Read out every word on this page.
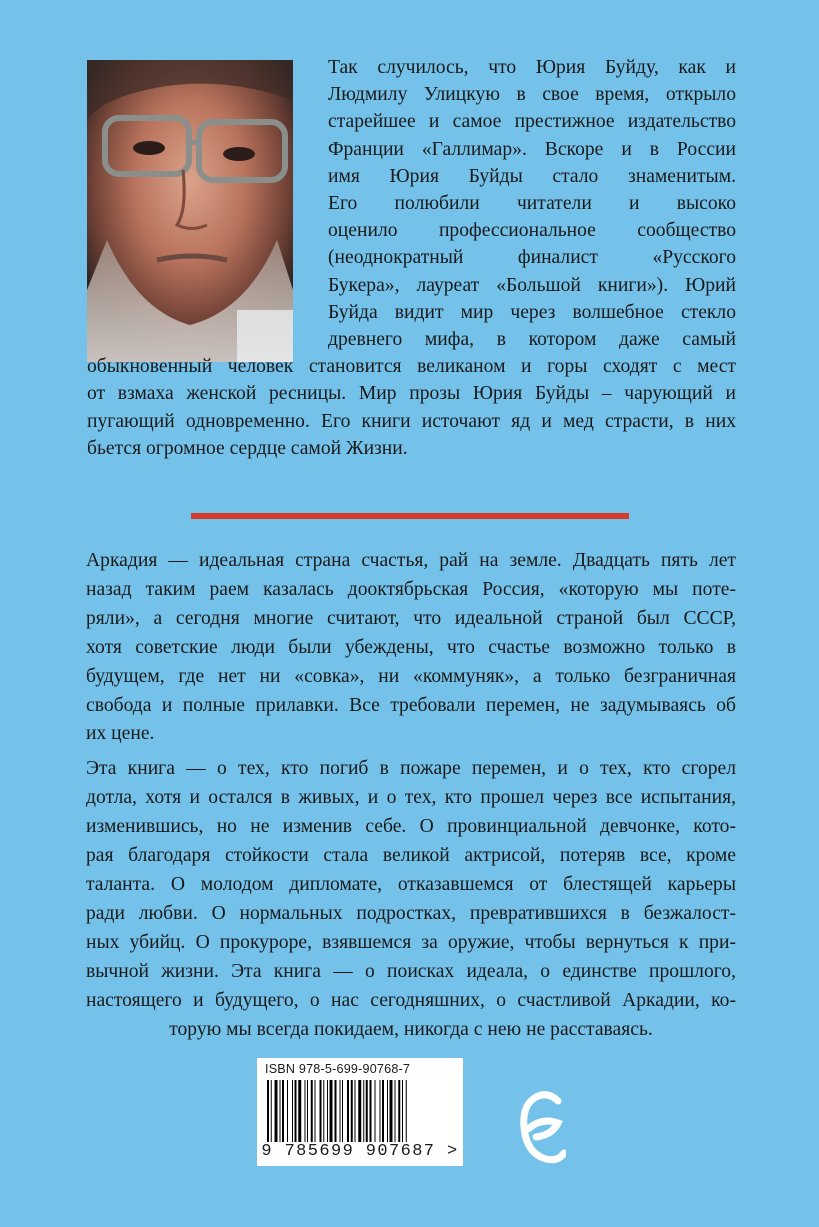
Так случилось, что Юрия Буйду, как и
Людмилу Улицкую в свое время, открыло
старейшее и самое престижное издательство
Франции «Галлимар». Вскоре и в России
имя Юрия Буйды стало знаменитым.
Его полюбили читатели и высоко
оценило профессиональное сообщество
(неоднократный финалист «Русского
Букера», лауреат «Большой книги»). Юрий
Буйда видит мир через волшебное стекло
древнего мифа, в котором даже самый
обыкновенный человек становится великаном и горы сходят с мест
от взмаха женской ресницы. Мир прозы Юрия Буйды – чарующий и
пугающий одновременно. Его книги источают яд и мед страсти, в них
бьется огромное сердце самой Жизни.
Аркадия — идеальная страна счастья, рай на земле. Двадцать пять лет
назад таким раем казалась доoктябрьская Россия, «которую мы поте-
ряли», а сегодня многие считают, что идеальной страной был СССР,
хотя советские люди были убеждены, что счастье возможно только в
будущем, где нет ни «совка», ни «коммуняк», а только безграничная
свобода и полные прилавки. Все требовали перемен, не задумываясь об
их цене.
Эта книга — о тех, кто погиб в пожаре перемен, и о тех, кто сгорел
дотла, хотя и остался в живых, и о тех, кто прошел через все испытания,
изменившись, но не изменив себе. О провинциальной девчонке, кото-
рая благодаря стойкости стала великой актрисой, потеряв все, кроме
таланта. О молодом дипломате, отказавшемся от блестящей карьеры
ради любви. О нормальных подростках, превратившихся в безжалост-
ных убийц. О прокуроре, взявшемся за оружие, чтобы вернуться к при-
вычной жизни. Эта книга — о поисках идеала, о единстве прошлого,
настоящего и будущего, о нас сегодняшних, о счастливой Аркадии, ко-
торую мы всегда покидаем, никогда с нею не расставаясь.
ISBN 978-5-699-90768-7
9 785699 907687 >
